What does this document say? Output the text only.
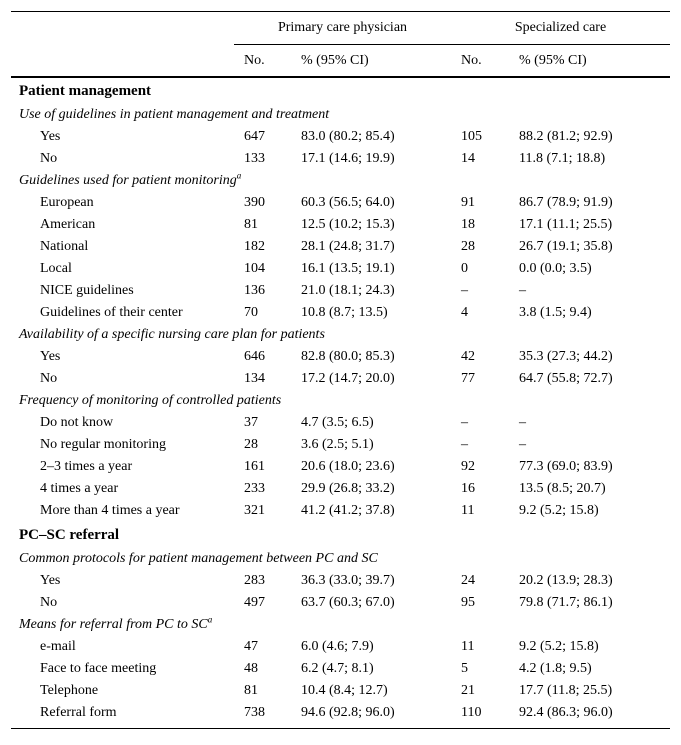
	Primary care physician		Specialized care	
	No.	% (95% CI)	No.	% (95% CI)
Patient management				
Use of guidelines in patient management and treatment				
Yes	647	83.0 (80.2; 85.4)	105	88.2 (81.2; 92.9)
No	133	17.1 (14.6; 19.9)	14	11.8 (7.1; 18.8)
Guidelines used for patient monitoring$^a$
European	390	60.3 (56.5; 64.0)	91	86.7 (78.9; 91.9)
American	81	12.5 (10.2; 15.3)	18	17.1 (11.1; 25.5)
National	182	28.1 (24.8; 31.7)	28	26.7 (19.1; 35.8)
Local	104	16.1 (13.5; 19.1)	0	0.0 (0.0; 3.5)
NICE guidelines	136	21.0 (18.1; 24.3)	–	–
Guidelines of their center	70	10.8 (8.7; 13.5)	4	3.8 (1.5; 9.4)
Availability of a specific nursing care plan for patients				
Yes	646	82.8 (80.0; 85.3)	42	35.3 (27.3; 44.2)
No	134	17.2 (14.7; 20.0)	77	64.7 (55.8; 72.7)
Frequency of monitoring of controlled patients				
Do not know	37	4.7 (3.5; 6.5)	–	–
No regular monitoring	28	3.6 (2.5; 5.1)	–	–
2–3 times a year	161	20.6 (18.0; 23.6)	92	77.3 (69.0; 83.9)
4 times a year	233	29.9 (26.8; 33.2)	16	13.5 (8.5; 20.7)
More than 4 times a year	321	41.2 (41.2; 37.8)	11	9.2 (5.2; 15.8)
PC–SC referral				
Common protocols for patient management between PC and SC				
Yes	283	36.3 (33.0; 39.7)	24	20.2 (13.9; 28.3)
No	497	63.7 (60.3; 67.0)	95	79.8 (71.7; 86.1)
Means for referral from PC to $SC^a$
e-mail	47	6.0 (4.6; 7.9)	11	9.2 (5.2; 15.8)
Face to face meeting	48	6.2 (4.7; 8.1)	5	4.2 (1.8; 9.5)
Telephone	81	10.4 (8.4; 12.7)	21	17.7 (11.8; 25.5)
Referral form	738	94.6 (92.8; 96.0)	110	92.4 (86.3; 96.0)
